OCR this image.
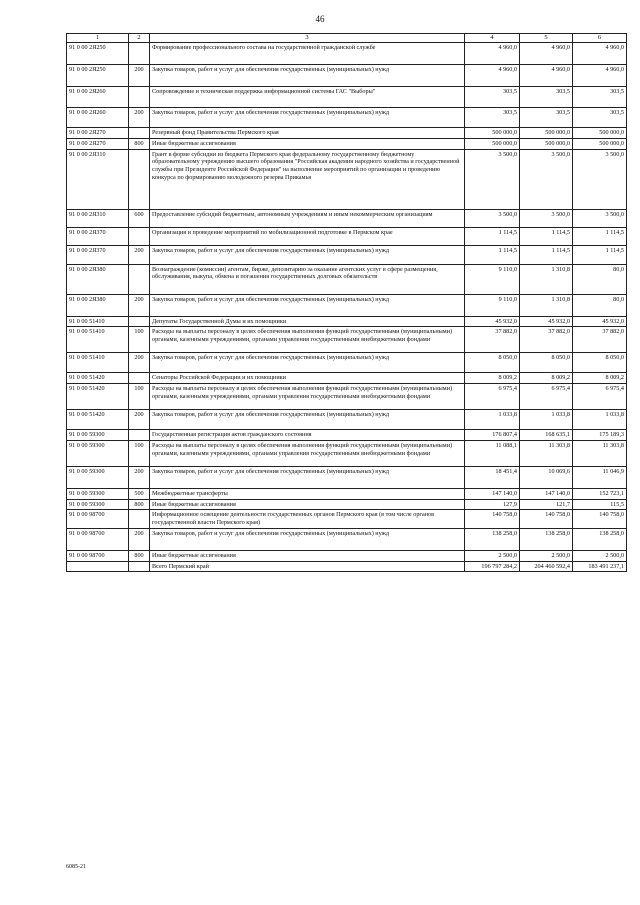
46
1	2	3	4	5	6
91 0 00 2Я250		Формирование профессионального состава на государственной гражданской службе	4 960,0	4 960,0	4 960,0
91 0 00 2Я250	200	Закупка товаров, работ и услуг для обеспечения государственных (муниципальных) нужд	4 960,0	4 960,0	4 960,0
91 0 00 2Я260		Сопровождение и техническая поддержка информационной системы ГАС "Выборы"	303,5	303,5	303,5
91 0 00 2Я260	200	Закупка товаров, работ и услуг для обеспечения государственных (муниципальных) нужд	303,5	303,5	303,5
91 0 00 2Я270		Резервный фонд Правительства Пермского края	500 000,0	500 000,0	500 000,0
91 0 00 2Я270	800	Иные бюджетные ассигнования	500 000,0	500 000,0	500 000,0
91 0 00 2Я310		Грант в форме субсидии из бюджета Пермского края федеральному государственному бюджетному образовательному учреждению высшего образования "Российская академия народного хозяйства и государственной службы при Президенте Российской Федерации" на выполнение мероприятий по организации и проведению конкурса по формированию молодежного резерва Прикамья	3 500,0	3 500,0	3 500,0
91 0 00 2Я310	600	Предоставление субсидий бюджетным, автономным учреждениям и иным некоммерческим организациям	3 500,0	3 500,0	3 500,0
91 0 00 2Я370		Организация и проведение мероприятий по мобилизационной подготовке в Пермском крае	1 114,5	1 114,5	1 114,5
91 0 00 2Я370	200	Закупка товаров, работ и услуг для обеспечения государственных (муниципальных) нужд	1 114,5	1 114,5	1 114,5
91 0 00 2Я380		Вознаграждение (комиссии) агентам, бирже, депозитарию за оказание агентских услуг в сфере размещения, обслуживания, выкупа, обмена и погашения государственных долговых обязательств	9 110,0	1 310,8	80,0
91 0 00 2Я380	200	Закупка товаров, работ и услуг для обеспечения государственных (муниципальных) нужд	9 110,0	1 310,8	80,0
91 0 00 51410		Депутаты Государственной Думы и их помощники	45 932,0	45 932,0	45 932,0
91 0 00 51410	100	Расходы на выплаты персоналу в целях обеспечения выполнения функций государственными (муниципальными) органами, казенными учреждениями, органами управления государственными внебюджетными фондами	37 882,0	37 882,0	37 882,0
91 0 00 51410	200	Закупка товаров, работ и услуг для обеспечения государственных (муниципальных) нужд	8 050,0	8 050,0	8 050,0
91 0 00 51420		Сенаторы Российской Федерации и их помощники	8 009,2	8 009,2	8 009,2
91 0 00 51420	100	Расходы на выплаты персоналу в целях обеспечения выполнения функций государственными (муниципальными) органами, казенными учреждениями, органами управления государственными внебюджетными фондами	6 975,4	6 975,4	6 975,4
91 0 00 51420	200	Закупка товаров, работ и услуг для обеспечения государственных (муниципальных) нужд	1 033,8	1 033,8	1 033,8
91 0 00 59300		Государственная регистрация актов гражданского состояния	176 807,4	168 635,1	175 189,3
91 0 00 59300	100	Расходы на выплаты персоналу в целях обеспечения выполнения функций государственными (муниципальными) органами, казенными учреждениями, органами управления государственными внебюджетными фондами	11 088,1	11 303,8	11 303,8
91 0 00 59300	200	Закупка товаров, работ и услуг для обеспечения государственных (муниципальных) нужд	18 451,4	10 069,6	11 046,9
91 0 00 59300	500	Межбюджетные трансферты	147 140,0	147 140,0	152 723,1
91 0 00 59300	800	Иные бюджетные ассигнования	127,9	121,7	115,5
91 0 00 98700		Информационное освещение деятельности государственных органов Пермского края (в том числе органов государственной власти Пермского края)	140 758,0	140 758,0	140 758,0
91 0 00 98700	200	Закупка товаров, работ и услуг для обеспечения государственных (муниципальных) нужд	138 258,0	138 258,0	138 258,0
91 0 00 98700	800	Иные бюджетные ассигнования	2 500,0	2 500,0	2 500,0
		Всего Пермский край	196 797 284,2	204 460 592,4	183 491 237,1
6085-21
